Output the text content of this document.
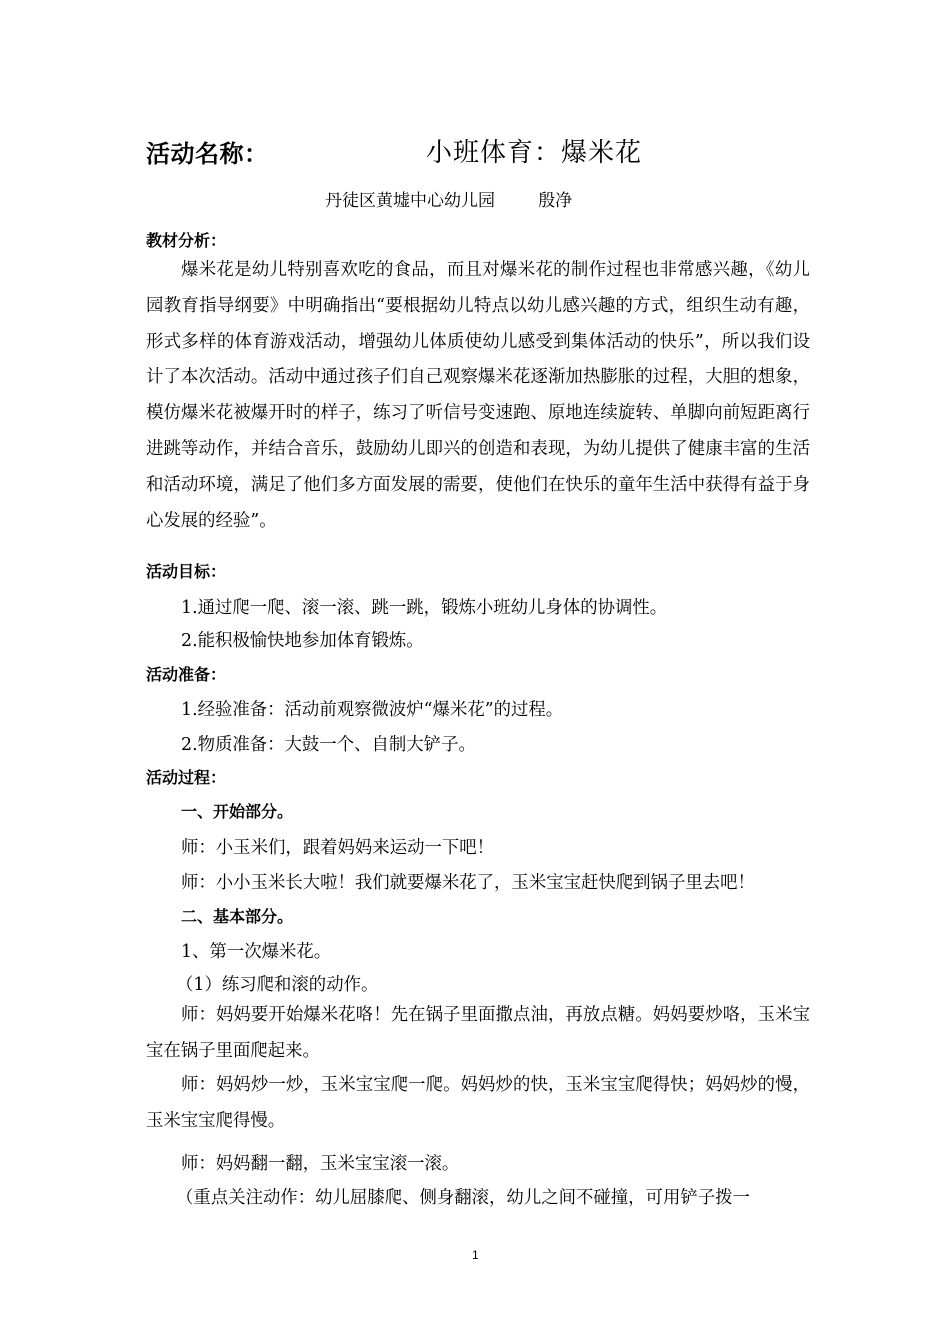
活动名称：	小班体育：爆米花
丹徒区黄墟中心幼儿园        殷净
教材分析：
爆米花是幼儿特别喜欢吃的食品，而且对爆米花的制作过程也非常感兴趣，《幼儿园教育指导纲要》中明确指出“要根据幼儿特点以幼儿感兴趣的方式，组织生动有趣，形式多样的体育游戏活动，增强幼儿体质使幼儿感受到集体活动的快乐”，所以我们设计了本次活动。活动中通过孩子们自己观察爆米花逐渐加热膨胀的过程，大胆的想象，模仿爆米花被爆开时的样子，练习了听信号变速跑、原地连续旋转、单脚向前短距离行进跳等动作，并结合音乐，鼓励幼儿即兴的创造和表现，为幼儿提供了健康丰富的生活和活动环境，满足了他们多方面发展的需要，使他们在快乐的童年生活中获得有益于身心发展的经验”。
活动目标：
1.通过爬一爬、滚一滚、跳一跳，锻炼小班幼儿身体的协调性。
2.能积极愉快地参加体育锻炼。
活动准备：
1.经验准备：活动前观察微波炉“爆米花”的过程。
2.物质准备：大鼓一个、自制大铲子。
活动过程：
一、开始部分。
师：小玉米们，跟着妈妈来运动一下吧！
师：小小玉米长大啦！我们就要爆米花了，玉米宝宝赶快爬到锅子里去吧！
二、基本部分。
1、第一次爆米花。
（1）练习爬和滚的动作。
师：妈妈要开始爆米花咯！先在锅子里面撒点油，再放点糖。妈妈要炒咯，玉米宝宝在锅子里面爬起来。
师：妈妈炒一炒，玉米宝宝爬一爬。妈妈炒的快，玉米宝宝爬得快；妈妈炒的慢，玉米宝宝爬得慢。
师：妈妈翻一翻，玉米宝宝滚一滚。
（重点关注动作：幼儿屈膝爬、侧身翻滚，幼儿之间不碰撞，可用铲子拨一
1
